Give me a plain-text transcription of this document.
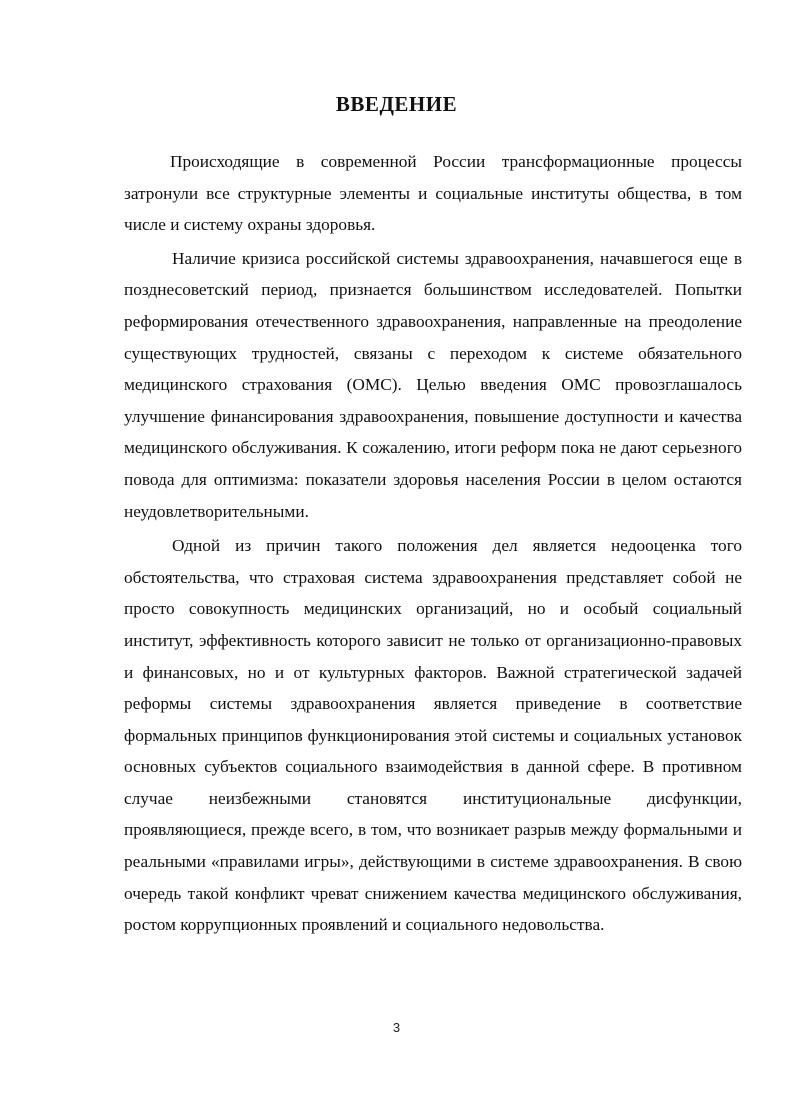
ВВЕДЕНИЕ

Происходящие в современной России трансформационные процессы затронули все структурные элементы и социальные институты общества, в том числе и систему охраны здоровья.

Наличие кризиса российской системы здравоохранения, начавшегося еще в позднесоветский период, признается большинством исследователей. Попытки реформирования отечественного здравоохранения, направленные на преодоление существующих трудностей, связаны с переходом к системе обязательного медицинского страхования (ОМС). Целью введения ОМС провозглашалось улучшение финансирования здравоохранения, повышение доступности и качества медицинского обслуживания. К сожалению, итоги реформ пока не дают серьезного повода для оптимизма: показатели здоровья населения России в целом остаются неудовлетворительными.

Одной из причин такого положения дел является недооценка того обстоятельства, что страховая система здравоохранения представляет собой не просто совокупность медицинских организаций, но и особый социальный институт, эффективность которого зависит не только от организационно-правовых и финансовых, но и от культурных факторов. Важной стратегической задачей реформы системы здравоохранения является приведение в соответствие формальных принципов функционирования этой системы и социальных установок основных субъектов социального взаимодействия в данной сфере. В противном случае неизбежными становятся институциональные дисфункции, проявляющиеся, прежде всего, в том, что возникает разрыв между формальными и реальными «правилами игры», действующими в системе здравоохранения. В свою очередь такой конфликт чреват снижением качества медицинского обслуживания, ростом коррупционных проявлений и социального недовольства.

3
